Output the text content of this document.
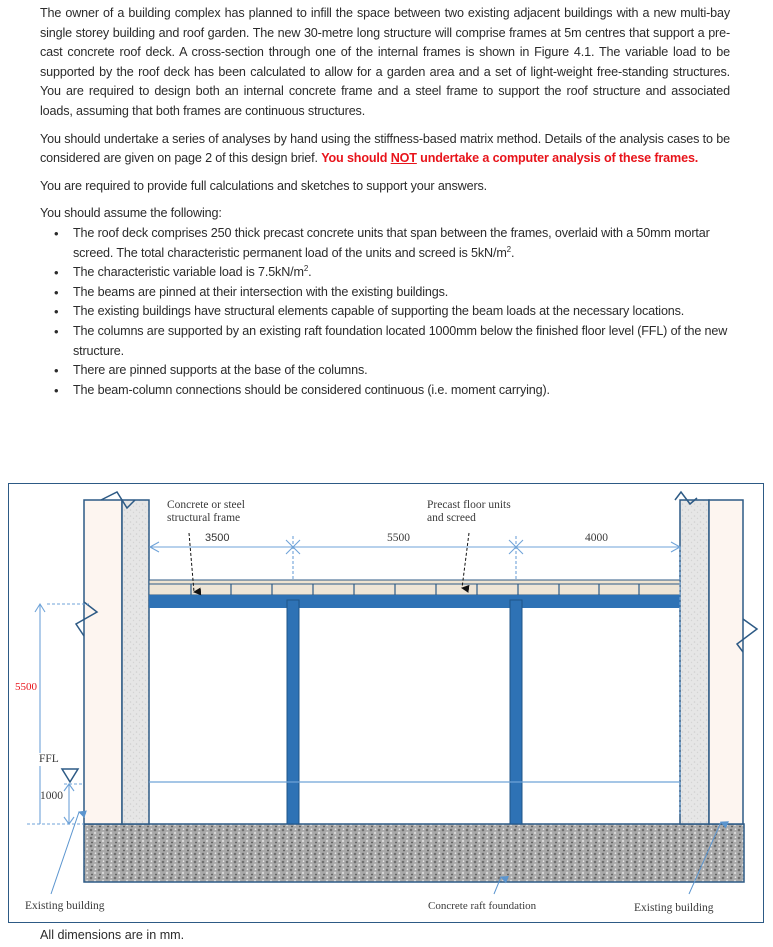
The owner of a building complex has planned to infill the space between two existing adjacent buildings with a new multi-bay single storey building and roof garden. The new 30-metre long structure will comprise frames at 5m centres that support a pre-cast concrete roof deck. A cross-section through one of the internal frames is shown in Figure 4.1. The variable load to be supported by the roof deck has been calculated to allow for a garden area and a set of light-weight free-standing structures. You are required to design both an internal concrete frame and a steel frame to support the roof structure and associated loads, assuming that both frames are continuous structures.

You should undertake a series of analyses by hand using the stiffness-based matrix method. Details of the analysis cases to be considered are given on page 2 of this design brief. You should NOT undertake a computer analysis of these frames.

You are required to provide full calculations and sketches to support your answers.

You should assume the following:

• The roof deck comprises 250 thick precast concrete units that span between the frames, overlaid with a 50mm mortar screed. The total characteristic permanent load of the units and screed is $5kN/m^2$.
• The characteristic variable load is $7.5kN/m^2$.
• The beams are pinned at their intersection with the existing buildings.
• The existing buildings have structural elements capable of supporting the beam loads at the necessary locations.
• The columns are supported by an existing raft foundation located 1000mm below the finished floor level (FFL) of the new structure.
• There are pinned supports at the base of the columns.
• The beam-column connections should be considered continuous (i.e. moment carrying).
Concrete or steel
structural frame
Precast floor units
and screed
3500	5500	4000
5500
FFL
1000
Existing building	Concrete raft foundation	Existing building
All dimensions are in mm.
